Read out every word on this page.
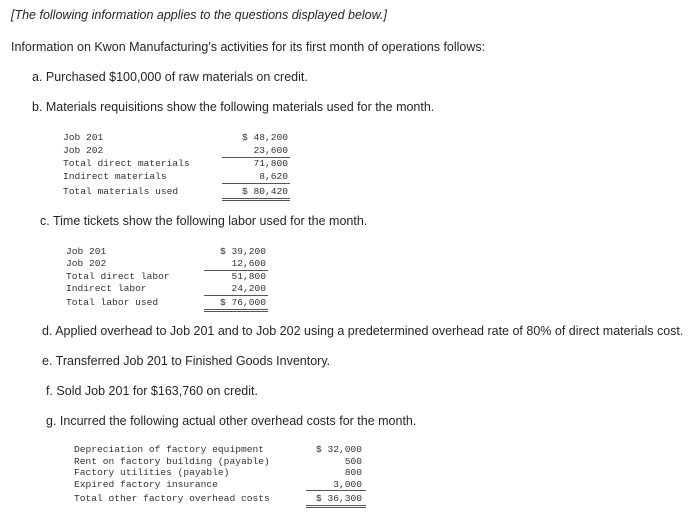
[The following information applies to the questions displayed below.]
Information on Kwon Manufacturing's activities for its first month of operations follows:
a. Purchased $100,000 of raw materials on credit.
b. Materials requisitions show the following materials used for the month.
Job 201	$ 48,200
Job 202	23,600
Total direct materials	71,800
Indirect materials	8,620
Total materials used	$ 80,420
c. Time tickets show the following labor used for the month.
Job 201	$ 39,200
Job 202	12,600
Total direct labor	51,800
Indirect labor	24,200
Total labor used	$ 76,000
d. Applied overhead to Job 201 and to Job 202 using a predetermined overhead rate of 80% of direct materials cost.
e. Transferred Job 201 to Finished Goods Inventory.
f. Sold Job 201 for $163,760 on credit.
g. Incurred the following actual other overhead costs for the month.
Depreciation of factory equipment	$ 32,000
Rent on factory building (payable)	500
Factory utilities (payable)	800
Expired factory insurance	3,000
Total other factory overhead costs	$ 36,300
